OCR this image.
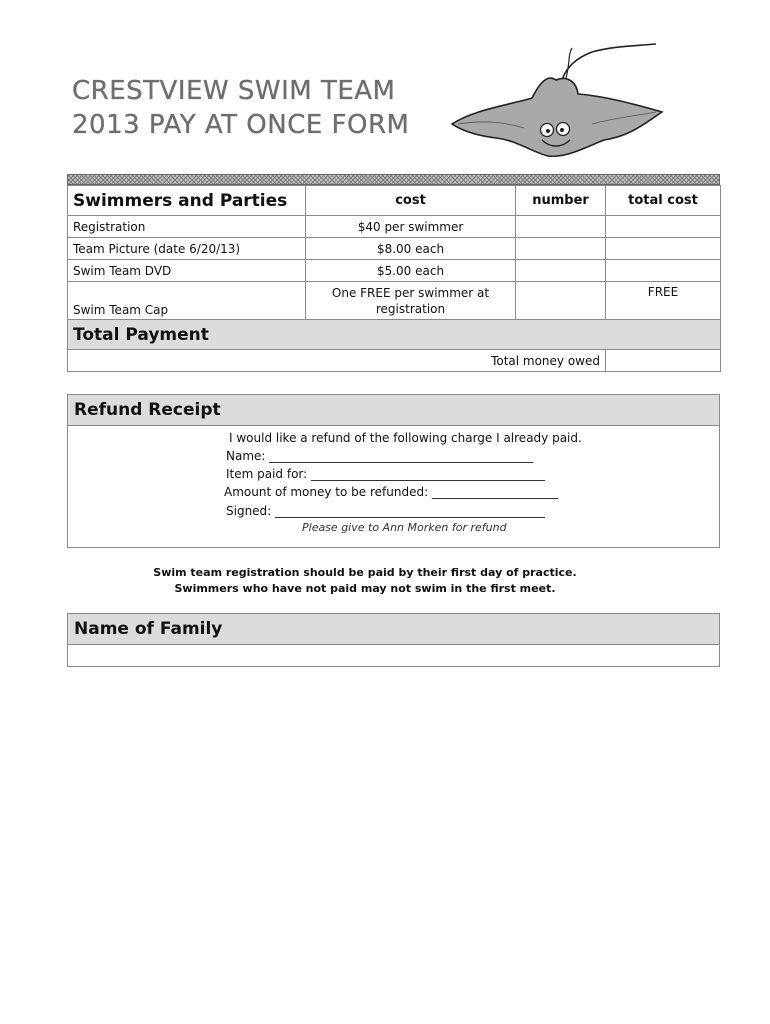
CRESTVIEW SWIM TEAM
2013 PAY AT ONCE FORM
Swimmers and Parties	cost	number	total cost
Registration	$40 per swimmer		
Team Picture (date 6/20/13)	$8.00 each		
Swim Team DVD	$5.00 each		
Swim Team Cap	One FREE per swimmer at registration		FREE
Total Payment			
Total money owed			
Refund Receipt
I would like a refund of the following charge I already paid.
Name: ____________________________________________
Item paid for: _______________________________________
Amount of money to be refunded: _____________________
Signed: _____________________________________________
Please give to Ann Morken for refund
Swim team registration should be paid by their first day of practice.
Swimmers who have not paid may not swim in the first meet.
Name of Family
